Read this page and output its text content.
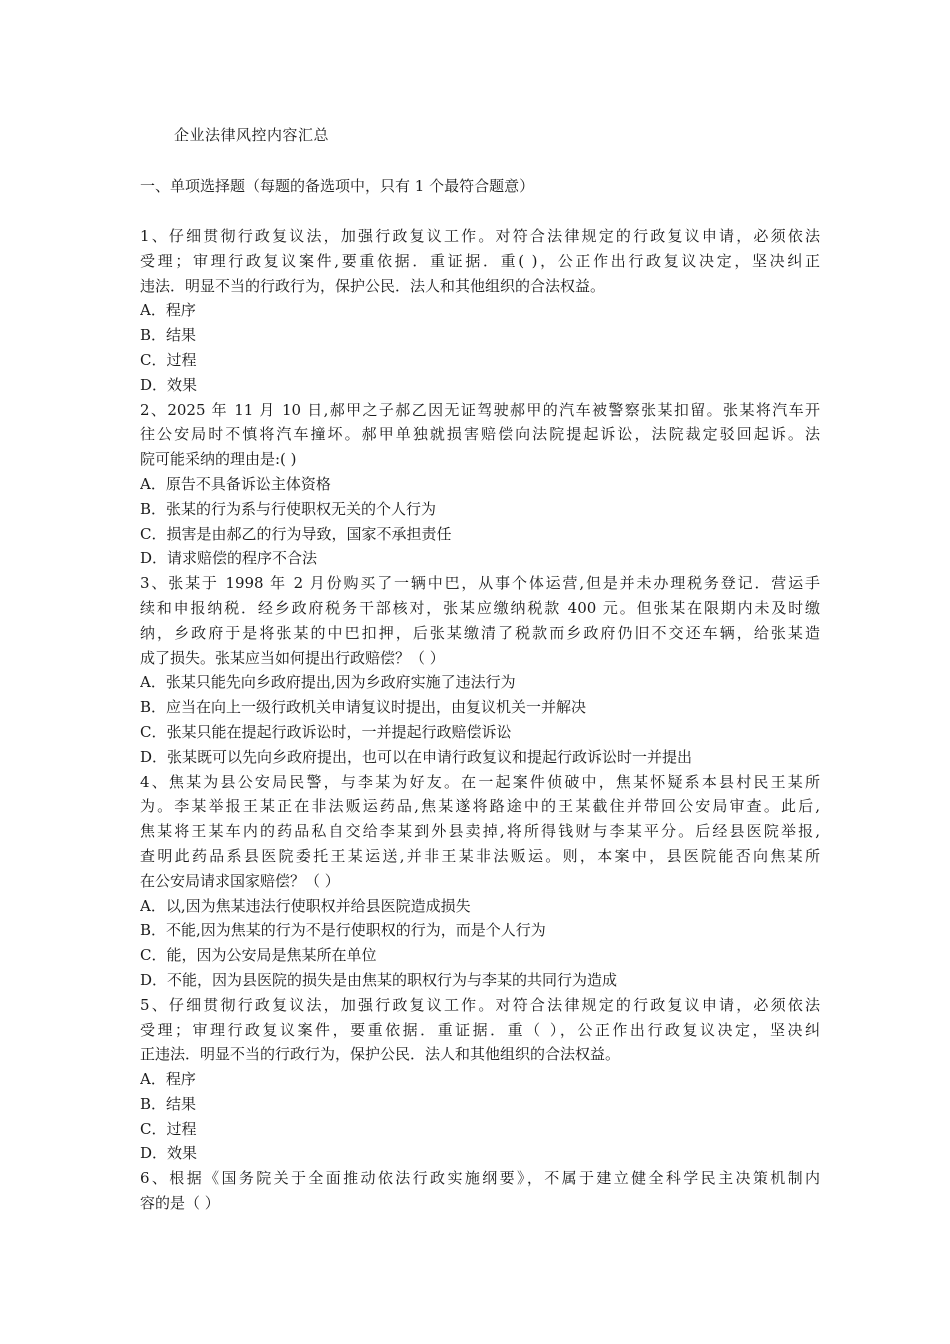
企业法律风控内容汇总
一、单项选择题（每题的备选项中，只有 1 个最符合题意）
1、仔细贯彻行政复议法，加强行政复议工作。对符合法律规定的行政复议申请，必须依法
受理；审理行政复议案件,要重依据．重证据．重( )，公正作出行政复议决定，坚决纠正
违法．明显不当的行政行为，保护公民．法人和其他组织的合法权益。
A．程序
B．结果
C．过程
D．效果
2、2025 年 11 月 10 日,郝甲之子郝乙因无证驾驶郝甲的汽车被警察张某扣留。张某将汽车开
往公安局时不慎将汽车撞坏。郝甲单独就损害赔偿向法院提起诉讼，法院裁定驳回起诉。法
院可能采纳的理由是:( )
A．原告不具备诉讼主体资格
B．张某的行为系与行使职权无关的个人行为
C．损害是由郝乙的行为导致，国家不承担责任
D．请求赔偿的程序不合法
3、张某于 1998 年 2 月份购买了一辆中巴，从事个体运营,但是并未办理税务登记．营运手
续和申报纳税．经乡政府税务干部核对，张某应缴纳税款 400 元。但张某在限期内未及时缴
纳，乡政府于是将张某的中巴扣押，后张某缴清了税款而乡政府仍旧不交还车辆，给张某造
成了损失。张某应当如何提出行政赔偿？（ ）
A．张某只能先向乡政府提出,因为乡政府实施了违法行为
B．应当在向上一级行政机关申请复议时提出，由复议机关一并解决
C．张某只能在提起行政诉讼时，一并提起行政赔偿诉讼
D．张某既可以先向乡政府提出，也可以在申请行政复议和提起行政诉讼时一并提出
4、焦某为县公安局民警，与李某为好友。在一起案件侦破中，焦某怀疑系本县村民王某所
为。李某举报王某正在非法贩运药品,焦某遂将路途中的王某截住并带回公安局审查。此后,
焦某将王某车内的药品私自交给李某到外县卖掉,将所得钱财与李某平分。后经县医院举报,
查明此药品系县医院委托王某运送,并非王某非法贩运。则，本案中，县医院能否向焦某所
在公安局请求国家赔偿？（ ）
A．以,因为焦某违法行使职权并给县医院造成损失
B．不能,因为焦某的行为不是行使职权的行为，而是个人行为
C．能，因为公安局是焦某所在单位
D．不能，因为县医院的损失是由焦某的职权行为与李某的共同行为造成
5、仔细贯彻行政复议法，加强行政复议工作。对符合法律规定的行政复议申请，必须依法
受理；审理行政复议案件，要重依据．重证据．重（ ），公正作出行政复议决定，坚决纠
正违法．明显不当的行政行为，保护公民．法人和其他组织的合法权益。
A．程序
B．结果
C．过程
D．效果
6、根据《国务院关于全面推动依法行政实施纲要》，不属于建立健全科学民主决策机制内
容的是（ ）
